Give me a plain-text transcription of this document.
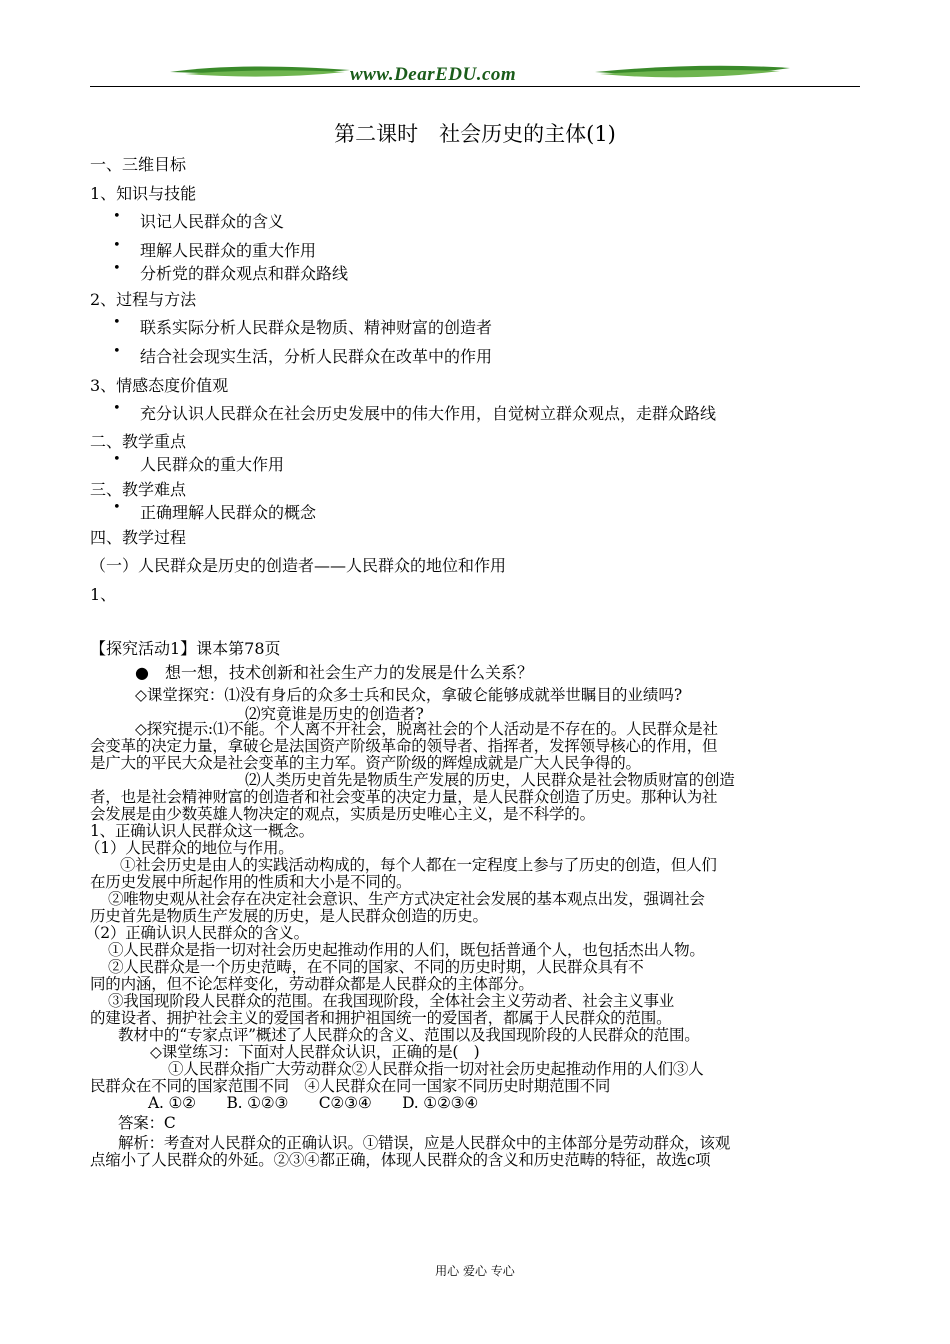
www.DearEDU.com
第二课时　社会历史的主体(1)
一、三维目标
1、知识与技能
• 识记人民群众的含义
• 理解人民群众的重大作用
• 分析党的群众观点和群众路线
2、过程与方法
• 联系实际分析人民群众是物质、精神财富的创造者
• 结合社会现实生活，分析人民群众在改革中的作用
3、情感态度价值观
• 充分认识人民群众在社会历史发展中的伟大作用，自觉树立群众观点，走群众路线
二、教学重点
• 人民群众的重大作用
三、教学难点
• 正确理解人民群众的概念
四、教学过程
（一）人民群众是历史的创造者——人民群众的地位和作用
1、
【探究活动1】课本第78页
●　想一想，技术创新和社会生产力的发展是什么关系？
◇课堂探究：⑴没有身后的众多士兵和民众，拿破仑能够成就举世瞩目的业绩吗?
⑵究竟谁是历史的创造者?
◇探究提示:⑴不能。个人离不开社会，脱离社会的个人活动是不存在的。人民群众是社
会变革的决定力量，拿破仑是法国资产阶级革命的领导者、指挥者，发挥领导核心的作用，但
是广大的平民大众是社会变革的主力军。资产阶级的辉煌成就是广大人民争得的。
⑵人类历史首先是物质生产发展的历史，人民群众是社会物质财富的创造
者，也是社会精神财富的创造者和社会变革的决定力量，是人民群众创造了历史。那种认为社
会发展是由少数英雄人物决定的观点，实质是历史唯心主义，是不科学的。
1、正确认识人民群众这一概念。
（1）人民群众的地位与作用。
①社会历史是由人的实践活动构成的，每个人都在一定程度上参与了历史的创造，但人们
在历史发展中所起作用的性质和大小是不同的。
②唯物史观从社会存在决定社会意识、生产方式决定社会发展的基本观点出发，强调社会
历史首先是物质生产发展的历史，是人民群众创造的历史。
（2）正确认识人民群众的含义。
①人民群众是指一切对社会历史起推动作用的人们，既包括普通个人，也包括杰出人物。
②人民群众是一个历史范畴，在不同的国家、不同的历史时期，人民群众具有不
同的内涵，但不论怎样变化，劳动群众都是人民群众的主体部分。
③我国现阶段人民群众的范围。在我国现阶段，全体社会主义劳动者、社会主义事业
的建设者、拥护社会主义的爱国者和拥护祖国统一的爱国者，都属于人民群众的范围。
教材中的“专家点评”概述了人民群众的含义、范围以及我国现阶段的人民群众的范围。
◇课堂练习：下面对人民群众认识，正确的是(　)
①人民群众指广大劳动群众②人民群众指一切对社会历史起推动作用的人们③人
民群众在不同的国家范围不同　④人民群众在同一国家不同历史时期范围不同
A. ①②　　B. ①②③　　C②③④　　D. ①②③④
答案：C
解析：考查对人民群众的正确认识。①错误，应是人民群众中的主体部分是劳动群众，该观
点缩小了人民群众的外延。②③④都正确，体现人民群众的含义和历史范畴的特征，故选c项
用心 爱心 专心
